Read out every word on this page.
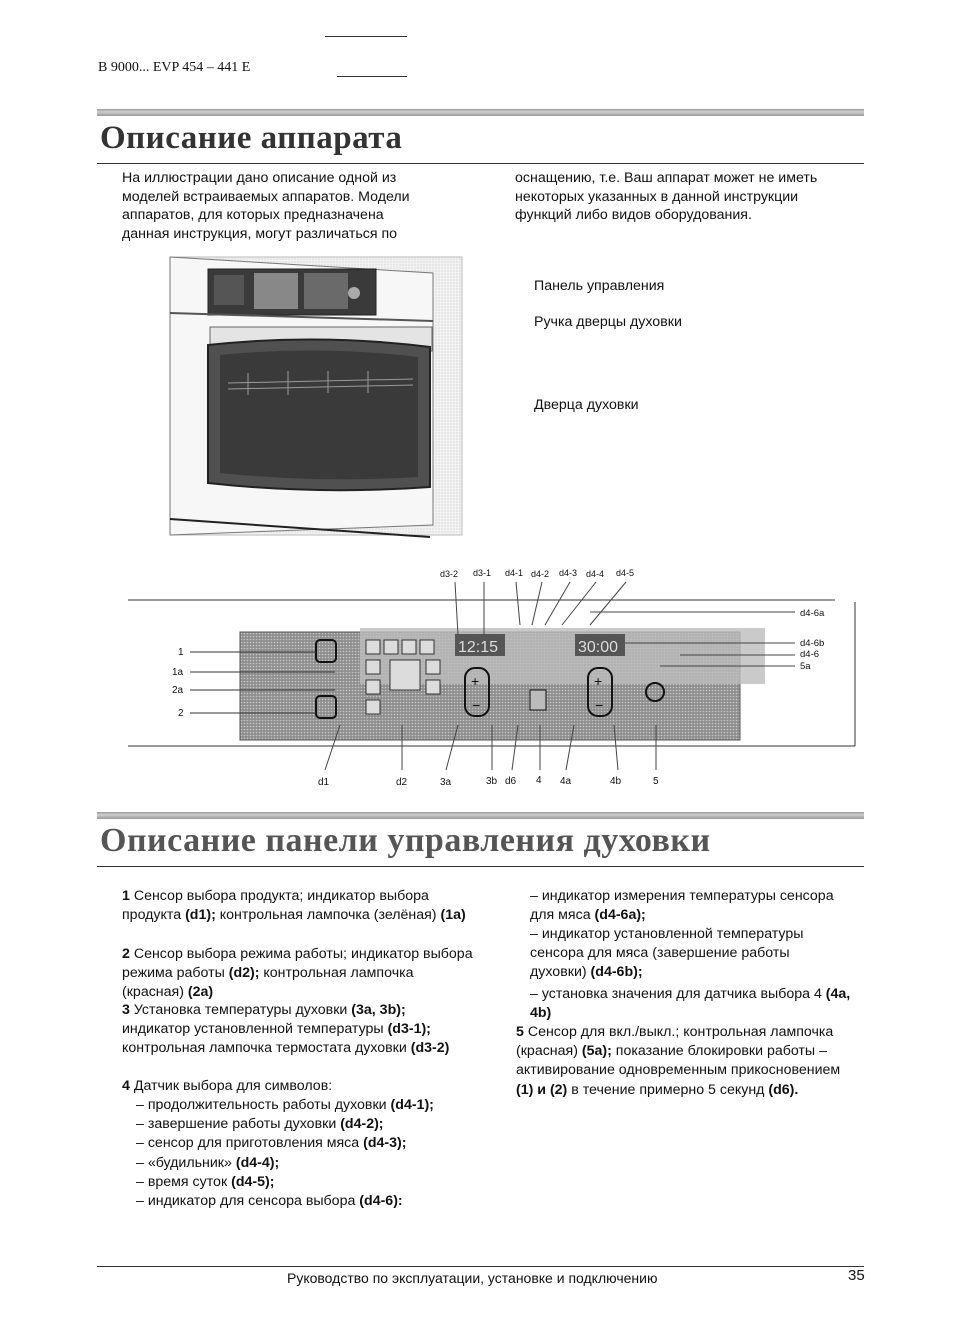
B 9000... EVP 454 – 441 E
Описание аппарата
На иллюстрации дано описание одной из
моделей встраиваемых аппаратов. Модели
аппаратов, для которых предназначена
данная инструкция, могут различаться по
оснащению, т.е. Ваш аппарат может не иметь
некоторых указанных в данной инструкции
функций либо видов оборудования.
Панель управления
Ручка дверцы духовки
Дверца духовки
12:15	30:00
+
−
+
−
1
1a
2a
2
d3-2 d3-1 d4-1 d4-2 d4-3 d4-4 d4-5
d4-6a
d4-6b
d4-6
5a
d1	d2	3a	3b d6 4 4a	4b	5
Описание панели управления духовки
1 Сенсор выбора продукта; индикатор выбора продукта (d1); контрольная лампочка (зелёная) (1a)
2 Сенсор выбора режима работы; индикатор выбора режима работы (d2); контрольная лампочка (красная) (2a)
3 Установка температуры духовки (3a, 3b); индикатор установленной температуры (d3-1); контрольная лампочка термостата духовки (d3-2)
4 Датчик выбора для символов:
– продолжительность работы духовки (d4-1);
– завершение работы духовки (d4-2);
– сенсор для приготовления мяса (d4-3);
– «будильник» (d4-4);
– время суток (d4-5);
– индикатор для сенсора выбора (d4-6):
– индикатор измерения температуры сенсора для мяса (d4-6a);
– индикатор установленной температуры сенсора для мяса (завершение работы духовки) (d4-6b);
– установка значения для датчика выбора 4 (4a, 4b)
5 Сенсор для вкл./выкл.; контрольная лампочка (красная) (5a); показание блокировки работы – активирование одновременным прикосновением (1) и (2) в течение примерно 5 секунд (d6).
Руководство по эксплуатации, установке и подключению	35
